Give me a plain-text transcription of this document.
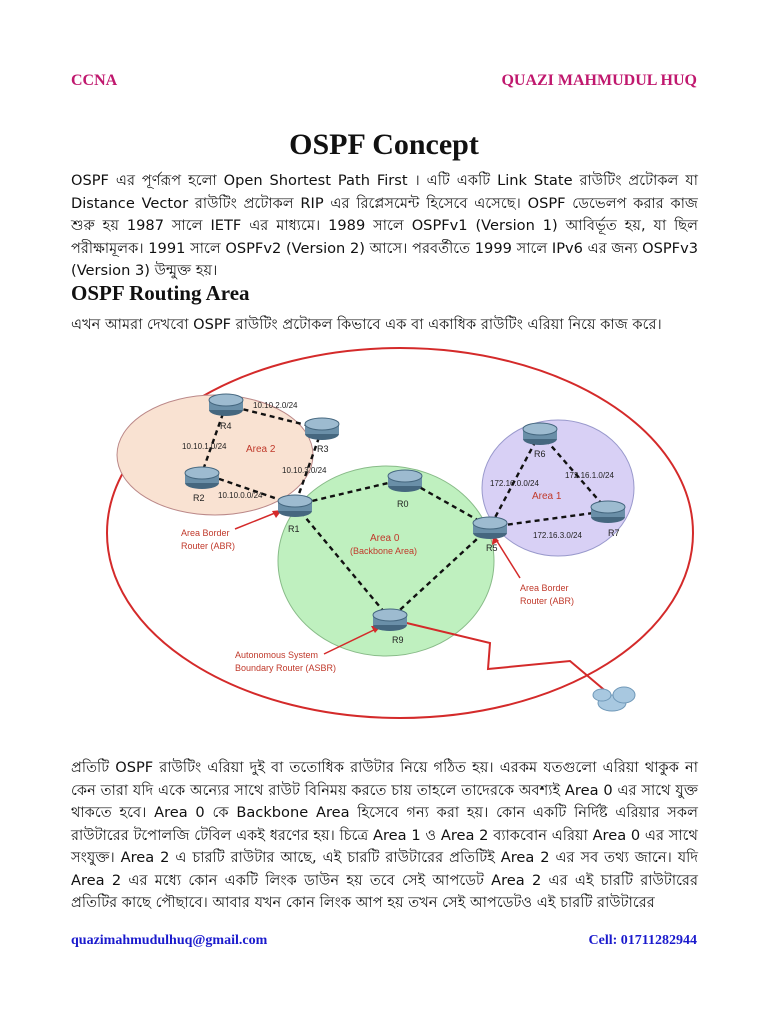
CCNA	QUAZI MAHMUDUL HUQ
OSPF Concept
OSPF এর পূর্ণরূপ হলো Open Shortest Path First । এটি একটি Link State রাউটিং প্রটোকল যা Distance Vector রাউটিং প্রটোকল RIP এর রিপ্লেসমেন্ট হিসেবে এসেছে। OSPF ডেভেলপ করার কাজ শুরু হয় 1987 সালে IETF এর মাধ্যমে। 1989 সালে OSPFv1 (Version 1) আবির্ভূত হয়, যা ছিল পরীক্ষামূলক। 1991 সালে OSPFv2 (Version 2) আসে। পরবর্তীতে 1999 সালে IPv6 এর জন্য OSPFv3 (Version 3) উন্মুক্ত হয়।
OSPF Routing Area
এখন আমরা দেখবো OSPF রাউটিং প্রটোকল কিভাবে এক বা একাধিক রাউটিং এরিয়া নিয়ে কাজ করে।
R4
R3
R2
R1
R0
R5
R6
R7
R9
Area 2
Area 0
(Backbone Area)
Area 1
10.10.2.0/24
10.10.1.0/24
10.10.3.0/24
10.10.0.0/24
172.16.0.0/24
172.16.1.0/24
172.16.3.0/24
Area Border
Router (ABR)
Area Border
Router (ABR)
Autonomous System
Boundary Router (ASBR)
প্রতিটি OSPF রাউটিং এরিয়া দুই বা ততোধিক রাউটার নিয়ে গঠিত হয়। এরকম যতগুলো এরিয়া থাকুক না কেন তারা যদি একে অন্যের সাথে রাউট বিনিময় করতে চায় তাহলে তাদেরকে অবশ্যই Area 0 এর সাথে যুক্ত থাকতে হবে। Area 0 কে Backbone Area হিসেবে গন্য করা হয়। কোন একটি নির্দিষ্ট এরিয়ার সকল রাউটারের টপোলজি টেবিল একই ধরণের হয়। চিত্রে Area 1 ও Area 2 ব্যাকবোন এরিয়া Area 0 এর সাথে সংযুক্ত। Area 2 এ চারটি রাউটার আছে, এই চারটি রাউটারের প্রতিটিই Area 2 এর সব তথ্য জানে। যদি Area 2 এর মধ্যে কোন একটি লিংক ডাউন হয় তবে সেই আপডেট Area 2 এর এই চারটি রাউটারের প্রতিটির কাছে পৌছাবে। আবার যখন কোন লিংক আপ হয় তখন সেই আপডেটও এই চারটি রাউটারের
quazimahmudulhuq@gmail.com	Cell: 01711282944
